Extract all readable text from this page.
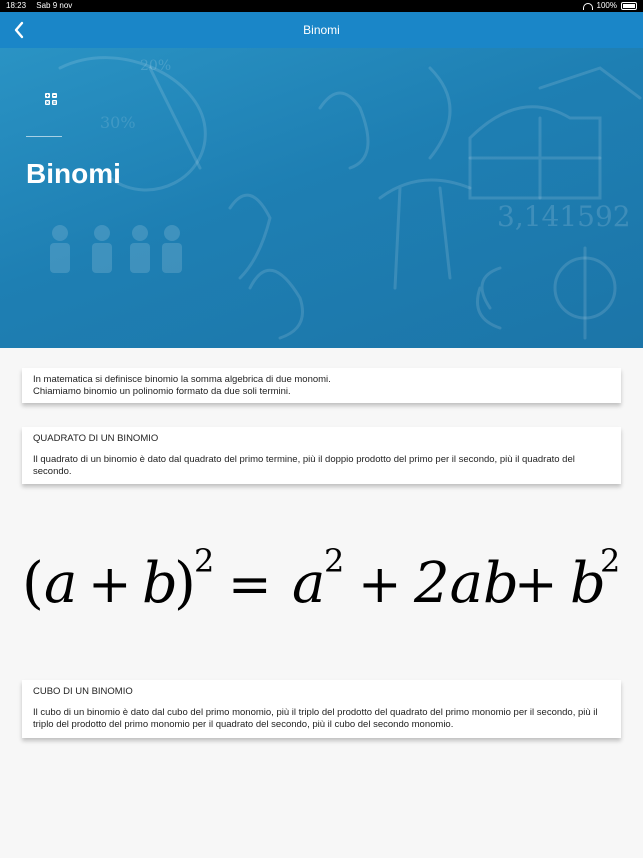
18:23 Sab 9 nov	100%
Binomi
3,141592
20%
30%
Binomi

In matematica si definisce binomio la somma algebrica di due monomi.

Chiamiamo binomio un polinomio formato da due soli termini.

QUADRATO DI UN BINOMIO

Il quadrato di un binomio è dato dal quadrato del primo termine, più il doppio prodotto del primo per il secondo, più il quadrato del secondo.

( a + b
)
2 = a
2 + 2ab
+ b
2

CUBO DI UN BINOMIO

Il cubo di un binomio è dato dal cubo del primo monomio, più il triplo del prodotto del quadrato del primo monomio per il secondo, più il triplo del prodotto del primo monomio per il quadrato del secondo, più il cubo del secondo monomio.
